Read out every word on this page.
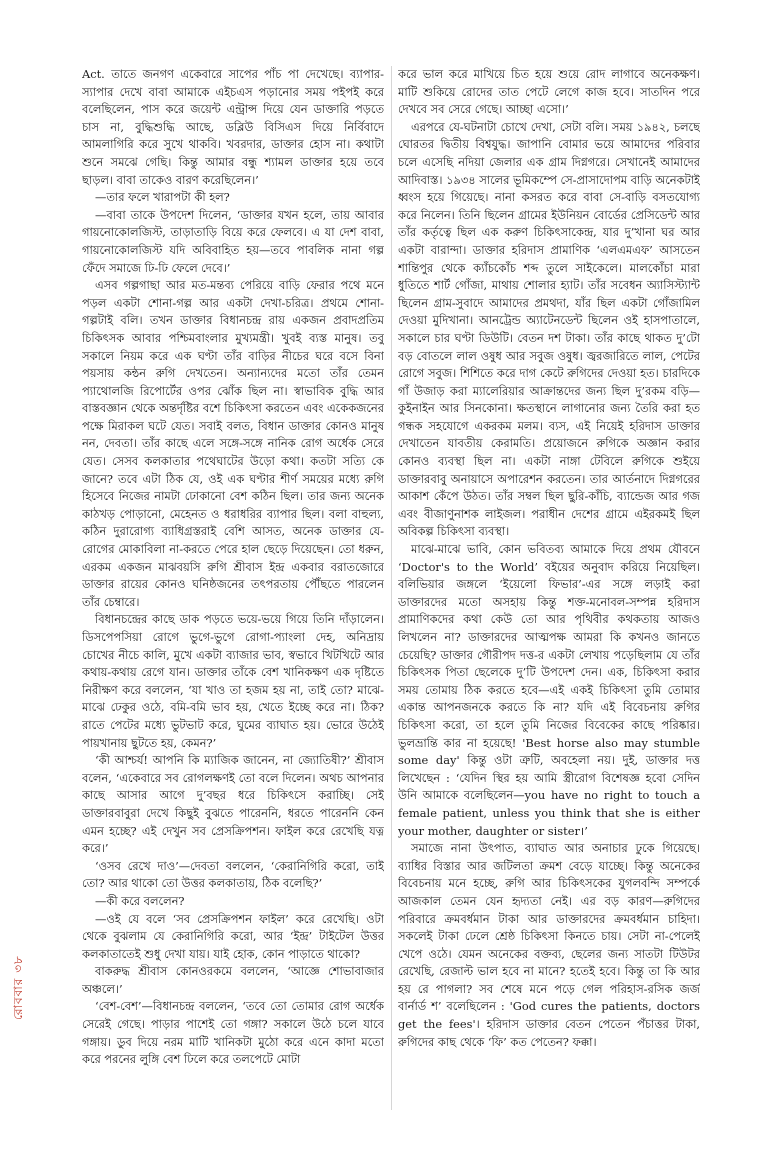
Act. তাতে জনগণ একেবারে সাপের পাঁচ পা দেখেছে। ব্যাপার-স্যাপার দেখে বাবা আমাকে এইচএস পড়ানোর সময় পইপই করে বলেছিলেন, পাস করে জয়েন্ট এন্ট্রান্স দিয়ে যেন ডাক্তারি পড়তে চাস না, বুদ্ধিশুদ্ধি আছে, ডব্লিউ বিসিএস দিয়ে নির্বিবাদে আমলাগিরি করে সুখে থাকবি। খবরদার, ডাক্তার হোস না। কথাটা শুনে সমঝে গেছি। কিন্তু আমার বন্ধু শ্যামল ডাক্তার হয়ে তবে ছাড়ল। বাবা তাকেও বারণ করেছিলেন।’

—তার ফলে খারাপটা কী হল?

—বাবা তাকে উপদেশ দিলেন, ‘ডাক্তার যখন হলে, তায় আবার গায়নোকোলজিস্ট, তাড়াতাড়ি বিয়ে করে ফেলবে। এ যা দেশ বাবা, গায়নোকোলজিস্ট যদি অবিবাহিত হয়—তবে পাবলিক নানা গল্প ফেঁদে সমাজে ঢি-ঢি ফেলে দেবে।’

এসব গল্পগাছা আর মত-মন্তব্য পেরিয়ে বাড়ি ফেরার পথে মনে পড়ল একটা শোনা-গল্প আর একটা দেখা-চরিত্র। প্রথমে শোনা-গল্পটাই বলি। তখন ডাক্তার বিধানচন্দ্র রায় একজন প্রবাদপ্রতিম চিকিৎসক আবার পশ্চিমবাংলার মুখ্যমন্ত্রী। খুবই ব্যস্ত মানুষ। তবু সকালে নিয়ম করে এক ঘণ্টা তাঁর বাড়ির নীচের ঘরে বসে বিনা পয়সায় কন্ঠন রুগি দেখতেন। অন্যান্যদের মতো তাঁর তেমন প্যাথোলজি রিপোর্টের ওপর ঝোঁক ছিল না। স্বাভাবিক বুদ্ধি আর বাস্তবজ্ঞান থেকে অন্তর্দৃষ্টির বশে চিকিৎসা করতেন এবং একেকজনের পক্ষে মিরাকল ঘটে যেত। সবাই বলত, বিধান ডাক্তার কোনও মানুষ নন, দেবতা। তাঁর কাছে এলে সঙ্গে-সঙ্গে নানিক রোগ অর্ধেক সেরে যেত। সেসব কলকাতার পথেঘাটের উড়ো কথা। কতটা সত্যি কে জানে? তবে এটা ঠিক যে, ওই এক ঘণ্টার শীর্ণ সময়ের মধ্যে রুগি হিসেবে নিজের নামটা ঢোকানো বেশ কঠিন ছিল। তার জন্য অনেক কাঠখড় পোড়ানো, মেহেনত ও ধরাধরির ব্যাপার ছিল। বলা বাহুল্য, কঠিন দুরারোগ্য ব্যাধিগ্রস্তরাই বেশি আসত, অনেক ডাক্তার যে-রোগের মোকাবিলা না-করতে পেরে হাল ছেড়ে দিয়েছেন। তো ধরুন, এরকম একজন মাঝবয়সি রুগি শ্রীবাস ইন্দ্র একবার বরাতজোরে ডাক্তার রায়ের কোনও ঘনিষ্ঠজনের তৎপরতায় পৌঁছতে পারলেন তাঁর চেম্বারে।

বিধানচন্দ্রের কাছে ডাক পড়তে ভয়ে-ভয়ে গিয়ে তিনি দাঁড়ালেন। ডিসপেপসিয়া রোগে ভুগে-ভুগে রোগা-প্যাংলা দেহ, অনিদ্রায় চোখের নীচে কালি, মুখে একটা ব্যাজার ভাব, স্বভাবে খিটখিটে আর কথায়-কথায় রেগে যান। ডাক্তার তাঁকে বেশ খানিকক্ষণ এক দৃষ্টিতে নিরীক্ষণ করে বললেন, ‘যা খাও তা হজম হয় না, তাই তো? মাঝে-মাঝে ঢেকুর ওঠে, বমি-বমি ভাব হয়, খেতে ইচ্ছে করে না। ঠিক? রাতে পেটের মধ্যে ভুটভাট করে, ঘুমের ব্যাঘাত হয়। ভোরে উঠেই পায়খানায় ছুটতে হয়, কেমন?’

‘কী আশ্চর্য! আপনি কি ম্যাজিক জানেন, না জ্যোতিষী?’ শ্রীবাস বলেন, ‘একেবারে সব রোগলক্ষণই তো বলে দিলেন। অথচ আপনার কাছে আসার আগে দু’বছর ধরে চিকিৎসে করাচ্ছি। সেই ডাক্তারবাবুরা দেখে কিছুই বুঝতে পারেননি, ধরতে পারেননি কেন এমন হচ্ছে? এই দেখুন সব প্রেসক্রিপশন। ফাইল করে রেখেছি যত্ন করে।’

‘ওসব রেখে দাও’—দেবতা বললেন, ‘কেরানিগিরি করো, তাই তো? আর থাকো তো উত্তর কলকাতায়, ঠিক বলেছি?’

—কী করে বললেন?

—ওই যে বলে ‘সব প্রেসক্রিপশন ফাইল’ করে রেখেছি। ওটা থেকে বুঝলাম যে কেরানিগিরি করো, আর ‘ইন্দ্র’ টাইটেল উত্তর কলকাতাতেই শুধু দেখা যায়। যাই হোক, কোন পাড়াতে থাকো?

বাকরুদ্ধ শ্রীবাস কোনওরকমে বললেন, ‘আজ্ঞে শোভাবাজার অঞ্চলে।’

‘বেশ-বেশ’—বিধানচন্দ্র বললেন, ‘তবে তো তোমার রোগ অর্ধেক সেরেই গেছে। পাড়ার পাশেই তো গঙ্গা? সকালে উঠে চলে যাবে গঙ্গায়। ডুব দিয়ে নরম মাটি খানিকটা মুঠো করে এনে কাদা মতো করে পরনের লুঙ্গি বেশ ঢিলে করে তলপেটে মোটা

করে ভাল করে মাখিয়ে চিত হয়ে শুয়ে রোদ লাগাবে অনেকক্ষণ। মাটি শুকিয়ে রোদের তাত পেটে লেগে কাজ হবে। সাতদিন পরে দেখবে সব সেরে গেছে। আচ্ছা এসো।’

এরপরে যে-ঘটনাটা চোখে দেখা, সেটা বলি। সময় ১৯৪২, চলছে ঘোরতর দ্বিতীয় বিশ্বযুদ্ধ। জাপানি বোমার ভয়ে আমাদের পরিবার চলে এসেছি নদিয়া জেলার এক গ্রাম দিগ্নগরে। সেখানেই আমাদের আদিবাস্ত। ১৯৩৪ সালের ভূমিকম্পে সে-প্রাসাদোপম বাড়ি অনেকটাই ধ্বংস হয়ে গিয়েছে। নানা কসরত করে বাবা সে-বাড়ি বসতযোগ্য করে নিলেন। তিনি ছিলেন গ্রামের ইউনিয়ন বোর্ডের প্রেসিডেন্ট আর তাঁর কর্তৃত্বে ছিল এক করুণ চিকিৎসাকেন্দ্র, যার দু’খানা ঘর আর একটা বারান্দা। ডাক্তার হরিদাস প্রামাণিক ‘এলএমএফ’ আসতেন শান্তিপুর থেকে ক্যাঁচকোঁচ শব্দ তুলে সাইকেলে। মালকোঁচা মারা ধুতিতে শার্ট গোঁজা, মাথায় শোলার হ্যাট। তাঁর সবেধন অ্যাসিস্ট্যান্ট ছিলেন গ্রাম-সুবাদে আমাদের প্রমথদা, যাঁর ছিল একটা গোঁজামিল দেওয়া মুদিখানা। আনট্রেন্ড অ্যাটেনডেন্ট ছিলেন ওই হাসপাতালে, সকালে চার ঘণ্টা ডিউটি। বেতন দশ টাকা। তাঁর কাছে থাকত দু’টো বড় বোতলে লাল ওষুধ আর সবুজ ওষুধ। জ্বরজারিতে লাল, পেটের রোগে সবুজ। শিশিতে করে দাগ কেটে রুগিদের দেওয়া হত। চারদিকে গাঁ উজাড় করা ম্যালেরিয়ার আক্রান্তদের জন্য ছিল দু’রকম বড়ি—কুইনাইন আর সিনকোনা। ক্ষতস্থানে লাগানোর জন্য তৈরি করা হত গন্ধক সহযোগে একরকম মলম। ব্যস, এই নিয়েই হরিদাস ডাক্তার দেখাতেন যাবতীয় কেরামতি। প্রয়োজনে রুগিকে অজ্ঞান করার কোনও ব্যবস্থা ছিল না। একটা নাঙ্গা টেবিলে রুগিকে শুইয়ে ডাক্তারবাবু অনায়াসে অপারেশন করতেন। তার আর্তনাদে দিগ্নগরের আকাশ কেঁপে উঠত। তাঁর সম্বল ছিল ছুরি-কাঁচি, ব্যান্ডেজ আর গজ এবং বীজাণুনাশক লাইজল। পরাধীন দেশের গ্রামে এইরকমই ছিল অবিকল্প চিকিৎসা ব্যবস্থা।

মাঝে-মাঝে ভাবি, কোন ভবিতব্য আমাকে দিয়ে প্রথম যৌবনে ‘Doctor's to the World’ বইয়ের অনুবাদ করিয়ে নিয়েছিল। বলিভিয়ার জঙ্গলে ‘ইয়েলো ফিভার’-এর সঙ্গে লড়াই করা ডাক্তারদের মতো অসহায় কিন্তু শক্ত-মনোবল-সম্পন্ন হরিদাস প্রামাণিকদের কথা কেউ তো আর পৃথিবীর কথকতায় আজও লিখলেন না? ডাক্তারদের আত্মপক্ষ আমরা কি কখনও জানতে চেয়েছি? ডাক্তার গৌরীপদ দত্ত-র একটা লেখায় পড়েছিলাম যে তাঁর চিকিৎসক পিতা ছেলেকে দু’টি উপদেশ দেন। এক, চিকিৎসা করার সময় তোমায় ঠিক করতে হবে—এই একই চিকিৎসা তুমি তোমার একান্ত আপনজনকে করতে কি না? যদি এই বিবেচনায় রুগির চিকিৎসা করো, তা হলে তুমি নিজের বিবেকের কাছে পরিষ্কার। ভুলভ্রান্তি কার না হয়েছে! 'Best horse also may stumble some day' কিন্তু ওটা ত্রুটি, অবহেলা নয়। দুই, ডাক্তার দত্ত লিখেছেন : ‘যেদিন স্থির হয় আমি স্ত্রীরোগ বিশেষজ্ঞ হবো সেদিন উনি আমাকে বলেছিলেন—you have no right to touch a female patient, unless you think that she is either your mother, daughter or sister।’

সমাজে নানা উৎপাত, ব্যাঘাত আর অনাচার ঢুকে গিয়েছে। ব্যাধির বিস্তার আর জটিলতা ক্রমশ বেড়ে যাচ্ছে। কিন্তু অনেকের বিবেচনায় মনে হচ্ছে, রুগি আর চিকিৎসকের যুগলবন্দি সম্পর্কে আজকাল তেমন যেন হৃদ্যতা নেই। এর বড় কারণ—রুগিদের পরিবারে ক্রমবর্ধমান টাকা আর ডাক্তারদের ক্রমবর্ধমান চাহিদা। সকলেই টাকা ঢেলে শ্রেষ্ঠ চিকিৎসা কিনতে চায়। সেটা না-পেলেই খেপে ওঠে। যেমন অনেকের বক্তব্য, ছেলের জন্য সাতটা টিউটর রেখেছি, রেজাল্ট ভাল হবে না মানে? হতেই হবে। কিন্তু তা কি আর হয় রে পাগলা? সব শেষে মনে পড়ে গেল পরিহাস-রসিক জর্জ বার্নার্ড শ’ বলেছিলেন : 'God cures the patients, doctors get the fees'। হরিদাস ডাক্তার বেতন পেতেন পঁচাত্তর টাকা, রুগিদের কাছ থেকে ‘ফি’ কত পেতেন? ফক্কা।

রোববার ৩৮
